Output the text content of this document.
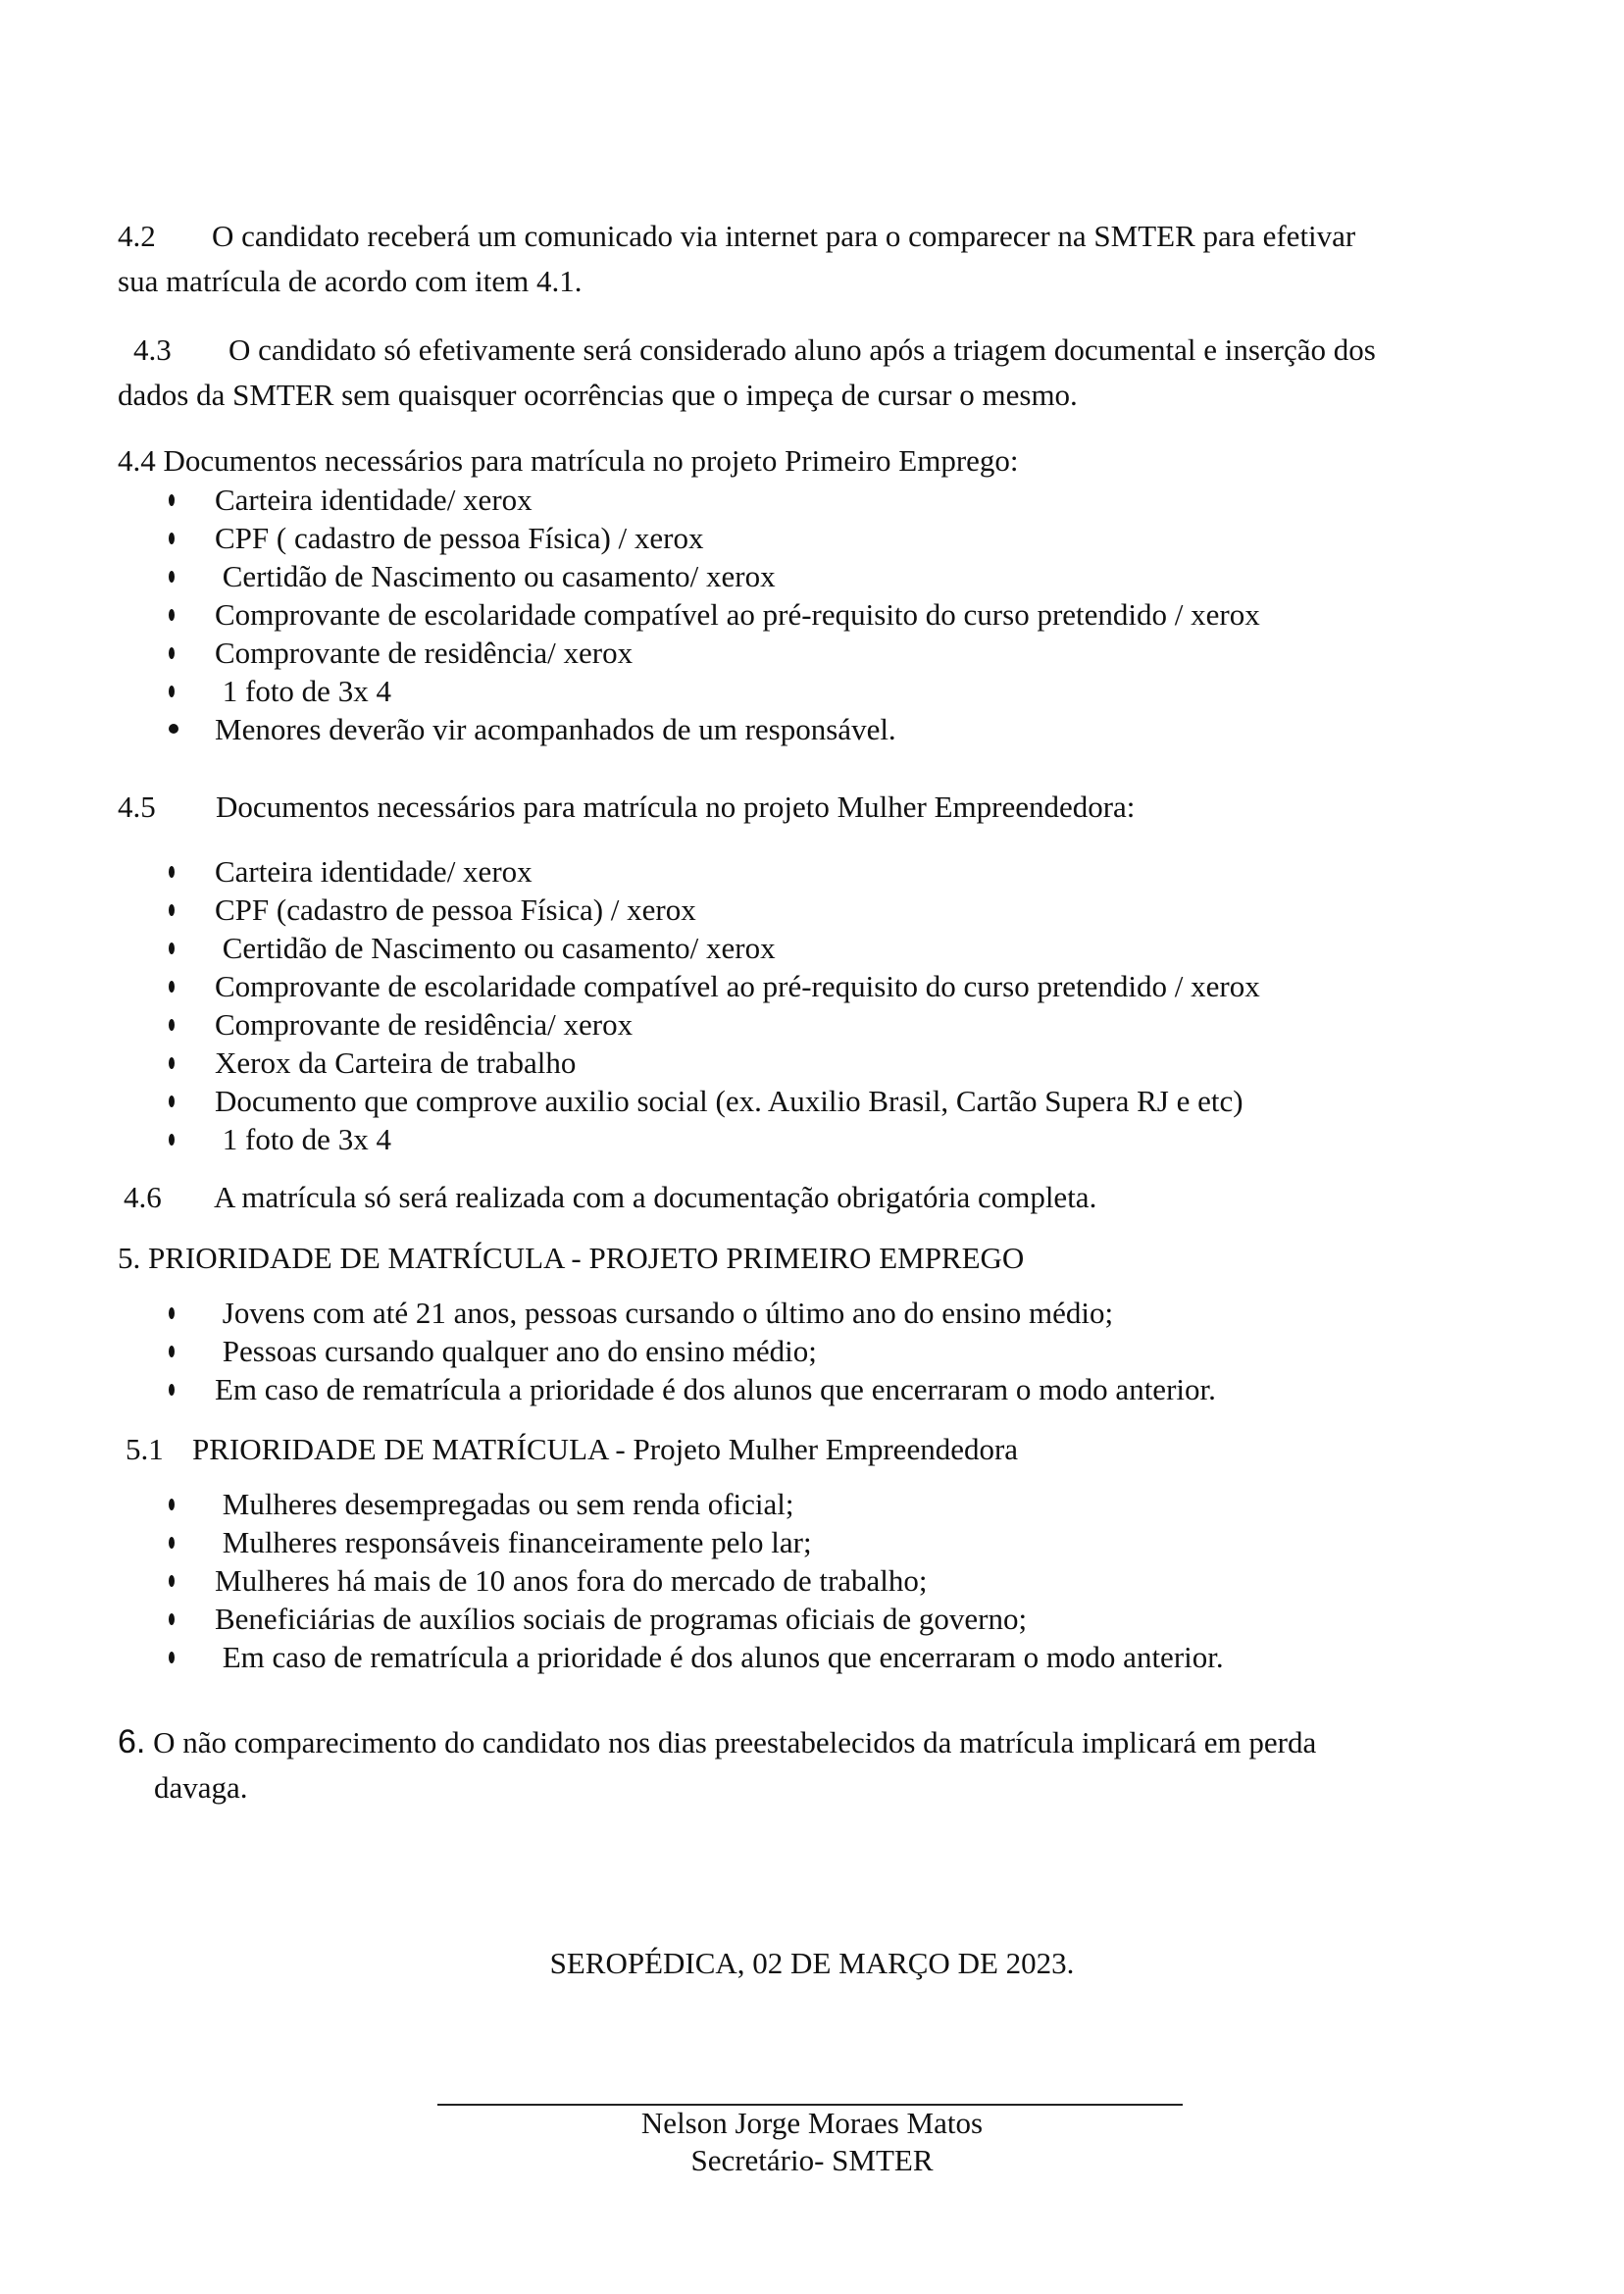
4.2 O candidato receberá um comunicado via internet para o comparecer na SMTER para efetivar
sua matrícula de acordo com item 4.1.

4.3 O candidato só efetivamente será considerado aluno após a triagem documental e inserção dos
dados da SMTER sem quaisquer ocorrências que o impeça de cursar o mesmo.

4.4 Documentos necessários para matrícula no projeto Primeiro Emprego:

Carteira identidade/ xerox
CPF ( cadastro de pessoa Física) / xerox
Certidão de Nascimento ou casamento/ xerox
Comprovante de escolaridade compatível ao pré-requisito do curso pretendido / xerox
Comprovante de residência/ xerox
1 foto de 3x 4
Menores deverão vir acompanhados de um responsável.

4.5 Documentos necessários para matrícula no projeto Mulher Empreendedora:

Carteira identidade/ xerox
CPF (cadastro de pessoa Física) / xerox
Certidão de Nascimento ou casamento/ xerox
Comprovante de escolaridade compatível ao pré-requisito do curso pretendido / xerox
Comprovante de residência/ xerox
Xerox da Carteira de trabalho
Documento que comprove auxilio social (ex. Auxilio Brasil, Cartão Supera RJ e etc)
1 foto de 3x 4

4.6 A matrícula só será realizada com a documentação obrigatória completa.

5. PRIORIDADE DE MATRÍCULA - PROJETO PRIMEIRO EMPREGO

Jovens com até 21 anos, pessoas cursando o último ano do ensino médio;
Pessoas cursando qualquer ano do ensino médio;
Em caso de rematrícula a prioridade é dos alunos que encerraram o modo anterior.

5.1 PRIORIDADE DE MATRÍCULA - Projeto Mulher Empreendedora

Mulheres desempregadas ou sem renda oficial;
Mulheres responsáveis financeiramente pelo lar;
Mulheres há mais de 10 anos fora do mercado de trabalho;
Beneficiárias de auxílios sociais de programas oficiais de governo;
Em caso de rematrícula a prioridade é dos alunos que encerraram o modo anterior.

6. O não comparecimento do candidato nos dias preestabelecidos da matrícula implicará em perda
davaga.

SEROPÉDICA, 02 DE MARÇO DE 2023.
Nelson Jorge Moraes Matos
Secretário- SMTER
